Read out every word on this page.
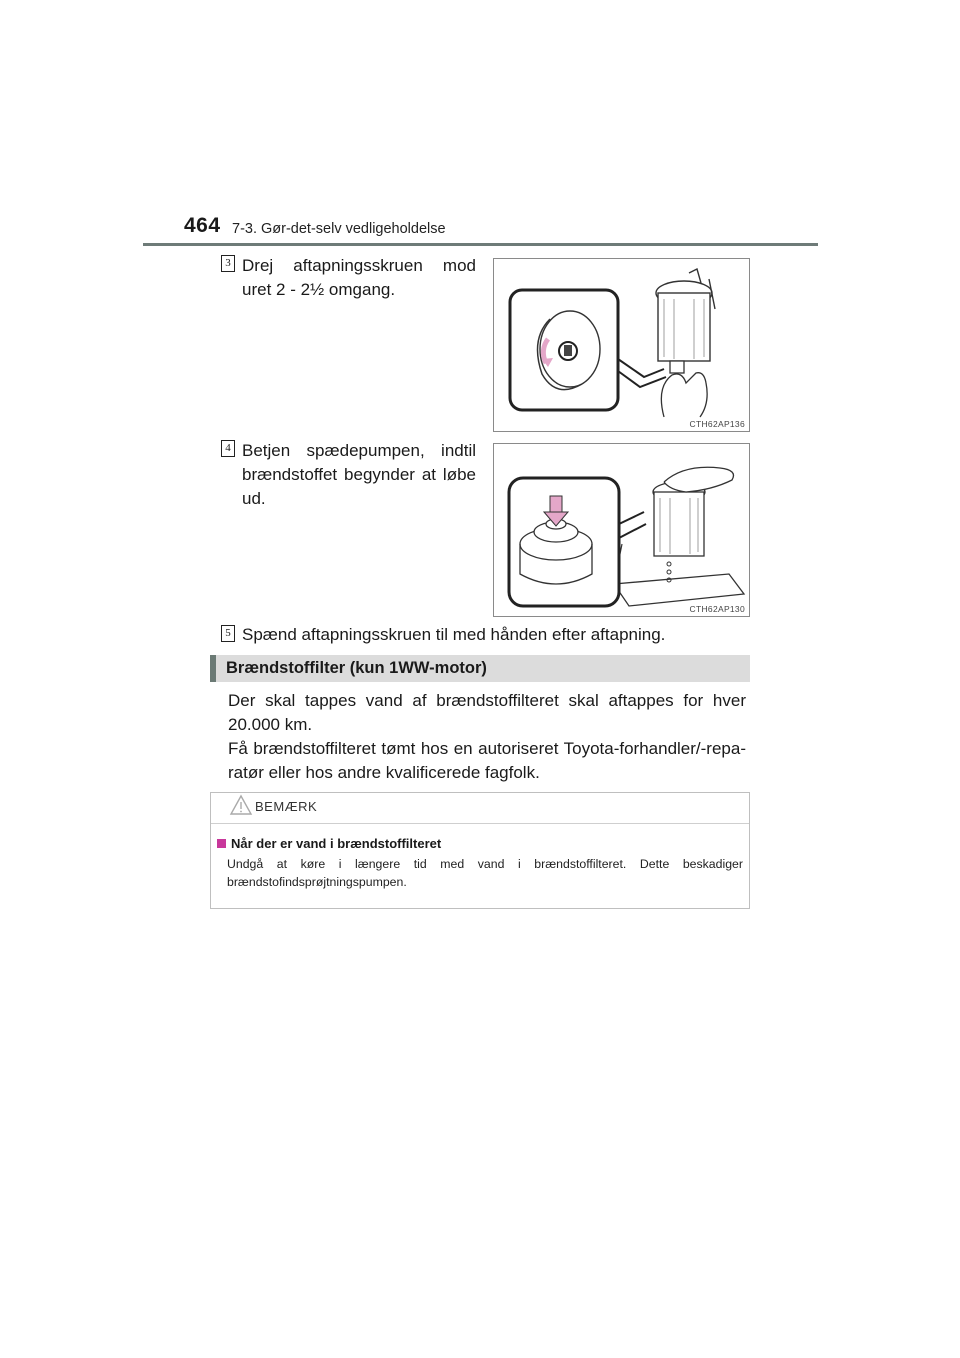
464 7-3. Gør-det-selv vedligeholdelse
3 Drej aftapningsskruen mod uret 2 - 2½ omgang.
CTH62AP136
4 Betjen spædepumpen, indtil brændstoffet begynder at løbe ud.
CTH62AP130
5 Spænd aftapningsskruen til med hånden efter aftapning.
Brændstoffilter (kun 1WW-motor)
Der skal tappes vand af brændstoffilteret skal aftappes for hver 20.000 km.
Få brændstoffilteret tømt hos en autoriseret Toyota-forhandler/-repa-ratør eller hos andre kvalificerede fagfolk.
BEMÆRK
Når der er vand i brændstoffilteret
Undgå at køre i længere tid med vand i brændstoffilteret. Dette beskadiger brændstofindsprøjtningspumpen.
